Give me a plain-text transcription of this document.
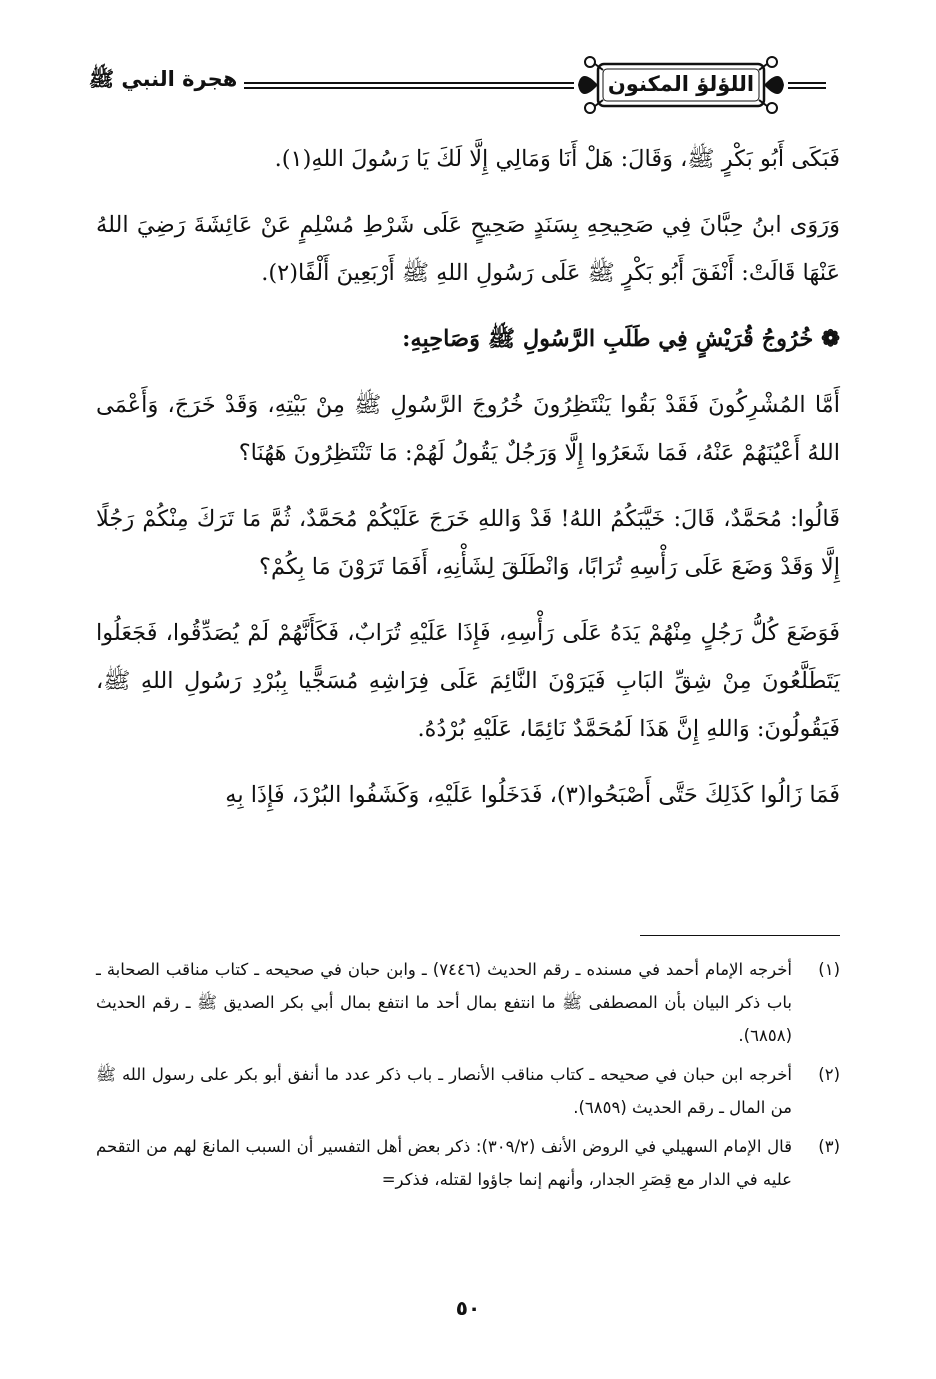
هجرة النبي ﷺ	اللؤلؤ المكنون

فَبَكَى أَبُو بَكْرٍ ﷺ، وَقَالَ: هَلْ أَنَا وَمَالِي إِلَّا لَكَ يَا رَسُولَ اللهِ(١).

وَرَوَى ابنُ حِبَّانَ فِي صَحِيحِهِ بِسَنَدٍ صَحِيحٍ عَلَى شَرْطِ مُسْلِمٍ عَنْ عَائِشَةَ رَضِيَ اللهُ عَنْهَا قَالَتْ: أَنْفَقَ أَبُو بَكْرٍ ﷺ عَلَى رَسُولِ اللهِ ﷺ أَرْبَعِينَ أَلْفًا(٢).

❁ خُرُوجُ قُرَيْشٍ فِي طَلَبِ الرَّسُولِ ﷺ وَصَاحِبِهِ:

أَمَّا المُشْرِكُونَ فَقَدْ بَقُوا يَنْتَظِرُونَ خُرُوجَ الرَّسُولِ ﷺ مِنْ بَيْتِهِ، وَقَدْ خَرَجَ، وَأَعْمَى اللهُ أَعْيُنَهُمْ عَنْهُ، فَمَا شَعَرُوا إِلَّا وَرَجُلٌ يَقُولُ لَهُمْ: مَا تَنْتَظِرُونَ هَهُنَا؟

قَالُوا: مُحَمَّدٌ، قَالَ: خَيَّبَكُمُ اللهُ! قَدْ وَاللهِ خَرَجَ عَلَيْكُمْ مُحَمَّدٌ، ثُمَّ مَا تَرَكَ مِنْكُمْ رَجُلًا إِلَّا وَقَدْ وَضَعَ عَلَى رَأْسِهِ تُرَابًا، وَانْطَلَقَ لِشَأْنِهِ، أَفَمَا تَرَوْنَ مَا بِكُمْ؟

فَوَضَعَ كُلُّ رَجُلٍ مِنْهُمْ يَدَهُ عَلَى رَأْسِهِ، فَإِذَا عَلَيْهِ تُرَابٌ، فَكَأَنَّهُمْ لَمْ يُصَدِّقُوا، فَجَعَلُوا يَتَطَلَّعُونَ مِنْ شِقِّ البَابِ فَيَرَوْنَ النَّائِمَ عَلَى فِرَاشِهِ مُسَجًّيا بِبُرْدِ رَسُولِ اللهِ ﷺ، فَيَقُولُونَ: وَاللهِ إِنَّ هَذَا لَمُحَمَّدٌ نَائِمًا، عَلَيْهِ بُرْدُهُ.

فَمَا زَالُوا كَذَلِكَ حَتَّى أَصْبَحُوا(٣)، فَدَخَلُوا عَلَيْهِ، وَكَشَفُوا البُرْدَ، فَإِذَا بِهِ

(١)
أخرجه الإمام أحمد في مسنده ـ رقم الحديث (٧٤٤٦) ـ وابن حبان في صحيحه ـ كتاب مناقب الصحابة ـ باب ذكر البيان بأن المصطفى ﷺ ما انتفع بمال أحد ما انتفع بمال أبي بكر الصديق ﷺ ـ رقم الحديث (٦٨٥٨).
(٢)
أخرجه ابن حبان في صحيحه ـ كتاب مناقب الأنصار ـ باب ذكر عدد ما أنفق أبو بكر على رسول الله ﷺ من المال ـ رقم الحديث (٦٨٥٩).
(٣)
قال الإمام السهيلي في الروض الأنف (٣٠٩/٢): ذكر بعض أهل التفسير أن السبب المانعَ لهم من التقحم عليه في الدار مع قِصَرِ الجدار، وأنهم إنما جاؤوا لقتله، فذكر=
٥٠
